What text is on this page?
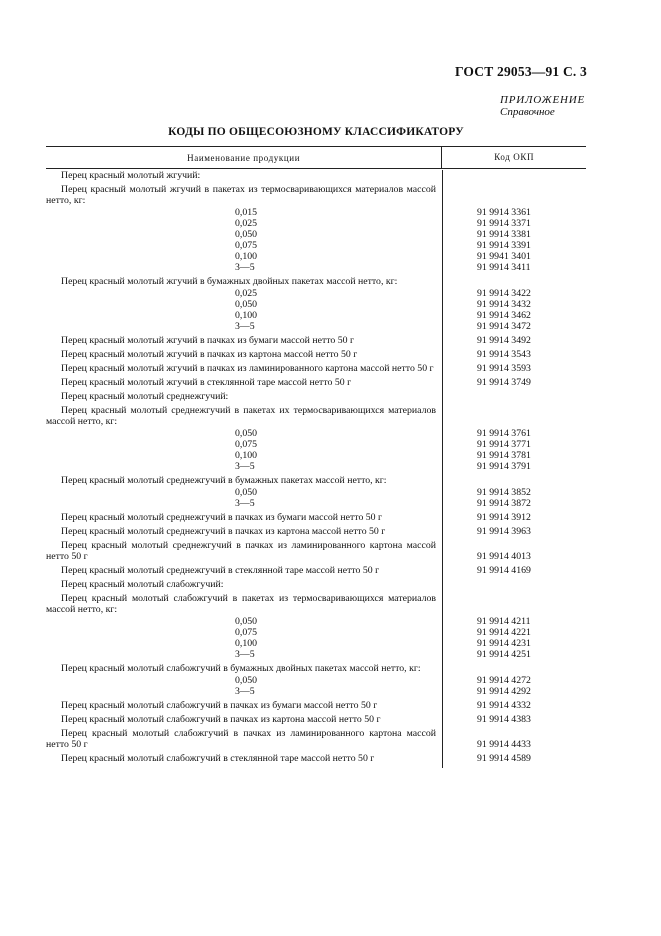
ГОСТ 29053—91 С. 3
ПРИЛОЖЕНИЕ
Справочное
КОДЫ ПО ОБЩЕСОЮЗНОМУ КЛАССИФИКАТОРУ
Наименование продукции	Код ОКП
Перец красный молотый жгучий:
Перец красный молотый жгучий в пакетах из термосваривающихся материалов массой нетто, кг:
0,015	91 9914 3361
0,025	91 9914 3371
0,050	91 9914 3381
0,075	91 9914 3391
0,100	91 9941 3401
3—5	91 9914 3411
Перец красный молотый жгучий в бумажных двойных пакетах массой нетто, кг:
0,025	91 9914 3422
0,050	91 9914 3432
0,100	91 9914 3462
3—5	91 9914 3472
Перец красный молотый жгучий в пачках из бумаги массой нетто 50 г	91 9914 3492
Перец красный молотый жгучий в пачках из картона массой нетто 50 г	91 9914 3543
Перец красный молотый жгучий в пачках из ламинированного картона массой нетто 50 г	91 9914 3593
Перец красный молотый жгучий в стеклянной таре массой нетто 50 г	91 9914 3749
Перец красный молотый среднежгучий:
Перец красный молотый среднежгучий в пакетах их термосваривающихся материалов массой нетто, кг:
0,050	91 9914 3761
0,075	91 9914 3771
0,100	91 9914 3781
3—5	91 9914 3791
Перец красный молотый среднежгучий в бумажных пакетах массой нетто, кг:
0,050	91 9914 3852
3—5	91 9914 3872
Перец красный молотый среднежгучий в пачках из бумаги массой нетто 50 г	91 9914 3912
Перец красный молотый среднежгучий в пачках из картона массой нетто 50 г	91 9914 3963
Перец красный молотый среднежгучий в пачках из ламинированного картона массой нетто 50 г	91 9914 4013
Перец красный молотый среднежгучий в стеклянной таре массой нетто 50 г	91 9914 4169
Перец красный молотый слабожгучий:
Перец красный молотый слабожгучий в пакетах из термосваривающихся материалов массой нетто, кг:
0,050	91 9914 4211
0,075	91 9914 4221
0,100	91 9914 4231
3—5	91 9914 4251
Перец красный молотый слабожгучий в бумажных двойных пакетах массой нетто, кг:
0,050	91 9914 4272
3—5	91 9914 4292
Перец красный молотый слабожгучий в пачках из бумаги массой нетто 50 г	91 9914 4332
Перец красный молотый слабожгучий в пачках из картона массой нетто 50 г	91 9914 4383
Перец красный молотый слабожгучий в пачках из ламинированного картона массой нетто 50 г	91 9914 4433
Перец красный молотый слабожгучий в стеклянной таре массой нетто 50 г	91 9914 4589
